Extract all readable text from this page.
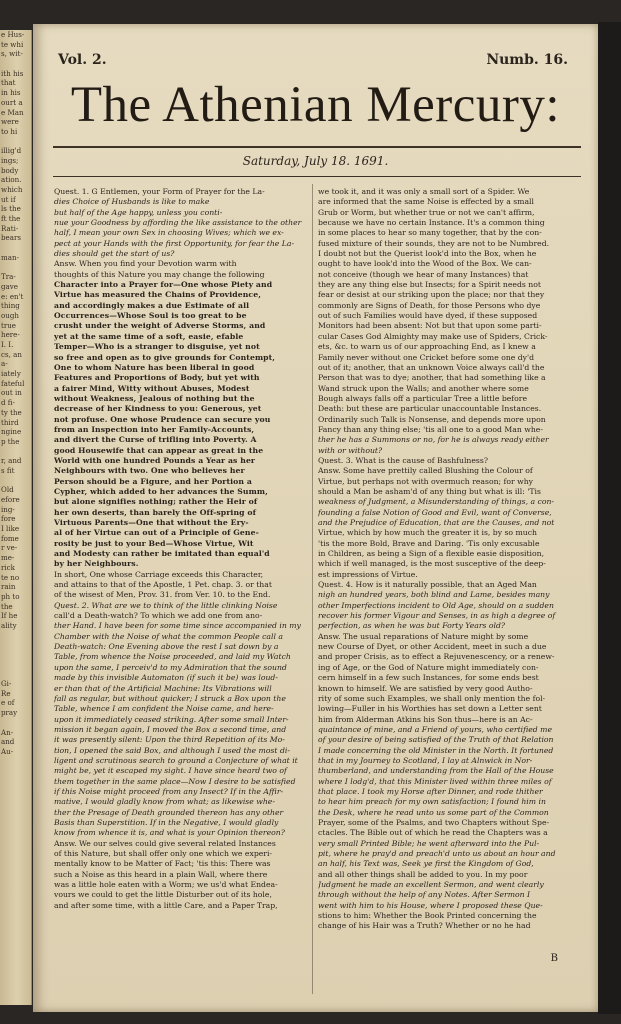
e Hus-
te whi
s, wit-
ith his
that
in his
ourt a
e Man
were
to hi
illig'd
ings;
body
ation.
which
ut if
ls the
ft the
Rati-
bears
man-
Tra-
gave
e: en't
thing
ough
true
here-
I. I.
cs, an
a-
iately
fateful
out in
d fi-
ty the
third
ngine
p the
r, and
s fit
Old
efore
ing-
fore
I like
fome
r ve-
me-
rick
te no
rain
ph to
the
If he
ality
Gi-
Re
e of
pray
An-
and
Au-
Vol. 2.	Numb. 16.
The Athenian Mercury:
Saturday, July 18. 1691.
Quest. 1. G Entlemen, your Form of Prayer for the La-
dies Choice of Husbands is like to make
but half of the Age happy, unless you conti-
nue your Goodness by affording the like assistance to the other
half, I mean your own Sex in choosing Wives; which we ex-
pect at your Hands with the first Opportunity, for fear the La-
dies should get the start of us?
Answ. When you find your Devotion warm with
thoughts of this Nature you may change the following
Character into a Prayer for—One whose Piety and
Virtue has measured the Chains of Providence,
and accordingly makes a due Estimate of all
Occurrences—Whose Soul is too great to be
crusht under the weight of Adverse Storms, and
yet at the same time of a soft, easie, efable
Temper—Who is a stranger to disguise, yet not
so free and open as to give grounds for Contempt,
One to whom Nature has been liberal in good
Features and Proportions of Body, but yet with
a fairer Mind, Witty without Abuses, Modest
without Weakness, Jealous of nothing but the
decrease of her Kindness to you: Generous, yet
not profuse. One whose Prudence can secure you
from an Inspection into her Family-Accounts,
and divert the Curse of trifling into Poverty. A
good Housewife that can appear as great in the
World with one hundred Pounds a Year as her
Neighbours with two. One who believes her
Person should be a Figure, and her Portion a
Cypher, which added to her advances the Summ,
but alone signifies nothing; rather the Heir of
her own deserts, than barely the Off-spring of
Virtuous Parents—One that without the Ery-
al of her Virtue can out of a Principle of Gene-
rosity be just to your Bed—Whose Virtue, Wit
and Modesty can rather be imitated than equal'd
by her Neighbours.
In short, One whose Carriage exceeds this Character,
and attains to that of the Apostle, 1 Pet. chap. 3. or that
of the wisest of Men, Prov. 31. from Ver. 10. to the End.
Quest. 2. What are we to think of the little clinking Noise
call'd a Death-watch? To which we add one from ano-
ther Hand. I have been for some time since accompanied in my
Chamber with the Noise of what the common People call a
Death-watch: One Evening above the rest I sat down by a
Table, from whence the Noise proceeded, and laid my Watch
upon the same, I perceiv'd to my Admiration that the sound
made by this invisible Automaton (if such it be) was loud-
er than that of the Artificial Machine: Its Vibrations will
fall as regular, but without quicker; I struck a Box upon the
Table, whence I am confident the Noise came, and here-
upon it immediately ceased striking. After some small Inter-
mission it began again, I moved the Box a second time, and
it was presently silent: Upon the third Repetition of its Mo-
tion, I opened the said Box, and although I used the most di-
ligent and scrutinous search to ground a Conjecture of what it
might be, yet it escaped my sight. I have since heard two of
them together in the same place—Now I desire to be satisfied
if this Noise might proceed from any Insect? If in the Affir-
mative, I would gladly know from what; as likewise whe-
ther the Presage of Death grounded thereon has any other
Basis than Superstition. If in the Negative, I would gladly
know from whence it is, and what is your Opinion thereon?
Answ. We our selves could give several related Instances
of this Nature, but shall offer only one which we experi-
mentally know to be Matter of Fact; 'tis this: There was
such a Noise as this heard in a plain Wall, where there
was a little hole eaten with a Worm; we us'd what Endea-
vours we could to get the little Disturber out of its hole,
and after some time, with a little Care, and a Paper Trap,
we took it, and it was only a small sort of a Spider. We
are informed that the same Noise is effected by a small
Grub or Worm, but whether true or not we can't affirm,
because we have no certain Instance. It's a common thing
in some places to hear so many together, that by the con-
fused mixture of their sounds, they are not to be Numbred.
I doubt not but the Querist look'd into the Box, when he
ought to have look'd into the Wood of the Box. We can-
not conceive (though we hear of many Instances) that
they are any thing else but Insects; for a Spirit needs not
fear or desist at our striking upon the place; nor that they
commonly are Signs of Death, for those Persons who dye
out of such Families would have dyed, if these supposed
Monitors had been absent: Not but that upon some parti-
cular Cases God Almighty may make use of Spiders, Crick-
ets, &c. to warn us of our approaching End, as I knew a
Family never without one Cricket before some one dy'd
out of it; another, that an unknown Voice always call'd the
Person that was to dye; another, that had something like a
Wand struck upon the Walls; and another where some
Bough always falls off a particular Tree a little before
Death: but these are particular unaccountable Instances.
Ordinarily such Talk is Nonsense, and depends more upon
Fancy than any thing else; 'tis all one to a good Man whe-
ther he has a Summons or no, for he is always ready either
with or without?
Quest. 3. What is the cause of Bashfulness?
Answ. Some have prettily called Blushing the Colour of
Virtue, but perhaps not with overmuch reason; for why
should a Man be asham'd of any thing but what is ill: 'Tis
weakness of Judgment, a Misunderstanding of things, a con-
founding a false Notion of Good and Evil, want of Converse,
and the Prejudice of Education, that are the Causes, and not
Virtue, which by how much the greater it is, by so much
'tis the more Bold, Brave and Daring. 'Tis only excusable
in Children, as being a Sign of a flexible easie disposition,
which if well managed, is the most susceptive of the deep-
est impressions of Virtue.
Quest. 4. How is it naturally possible, that an Aged Man
nigh an hundred years, both blind and Lame, besides many
other Imperfections incident to Old Age, should on a sudden
recover his former Vigour and Senses, in as high a degree of
perfection, as when he was but Forty Years old?
Answ. The usual reparations of Nature might by some
new Course of Dyet, or other Accident, meet in such a due
and proper Crisis, as to effect a Rejuvenescency, or a renew-
ing of Age, or the God of Nature might immediately con-
cern himself in a few such Instances, for some ends best
known to himself. We are satisfied by very good Autho-
rity of some such Examples, we shall only mention the fol-
lowing—Fuller in his Worthies has set down a Letter sent
him from Alderman Atkins his Son thus—here is an Ac-
quaintance of mine, and a Friend of yours, who certified me
of your desire of being satisfied of the Truth of that Relation
I made concerning the old Minister in the North. It fortuned
that in my Journey to Scotland, I lay at Alnwick in Nor-
thumberland, and understanding from the Hall of the House
where I lodg'd, that this Minister lived within three miles of
that place. I took my Horse after Dinner, and rode thither
to hear him preach for my own satisfaction; I found him in
the Desk, where he read unto us some part of the Common
Prayer, some of the Psalms, and two Chapters without Spe-
ctacles. The Bible out of which he read the Chapters was a
very small Printed Bible; he went afterward into the Pul-
pit, where he pray'd and preach'd unto us about an hour and
an half, his Text was, Seek ye first the Kingdom of God,
and all other things shall be added to you. In my poor
Judgment he made an excellent Sermon, and went clearly
through without the help of any Notes. After Sermon I
went with him to his House, where I proposed these Que-
stions to him: Whether the Book Printed concerning the
change of his Hair was a Truth? Whether or no he had
B
